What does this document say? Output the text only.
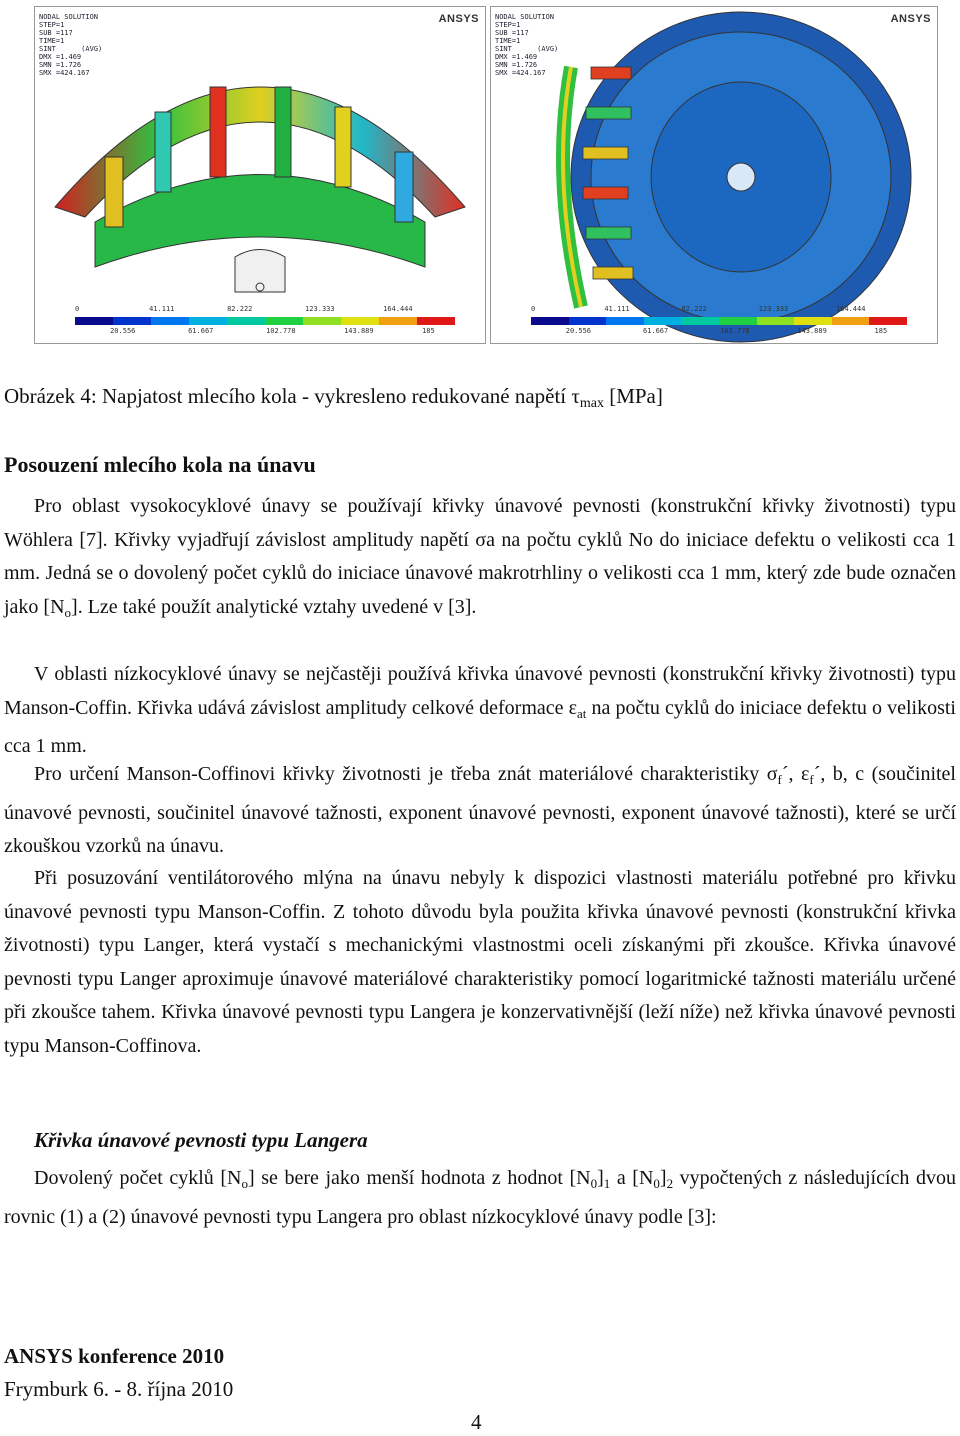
NODAL SOLUTION
STEP=1
SUB =117
TIME=1
SINT      (AVG)
DMX =1.469
SMN =1.726
SMX =424.167
ANSYS
0	41.111	82.222	123.333	164.444
20.556	61.667	102.778	143.889	185
NODAL SOLUTION
STEP=1
SUB =117
TIME=1
SINT      (AVG)
DMX =1.469
SMN =1.726
SMX =424.167
ANSYS
0	41.111	82.222	123.333	164.444
20.556	61.667	102.778	143.889	185
Obrázek 4: Napjatost mlecího kola - vykresleno redukované napětí $\tau_{max}$ [MPa]
Posouzení mlecího kola na únavu
Pro oblast vysokocyklové únavy se používají křivky únavové pevnosti (konstrukční křivky životnosti) typu Wöhlera [7]. Křivky vyjadřují závislost amplitudy napětí σa na počtu cyklů No do iniciace defektu o velikosti cca 1 mm. Jedná se o dovolený počet cyklů do iniciace únavové makrotrhliny o velikosti cca 1 mm, který zde bude označen jako $[N_o]$. Lze také použít analytické vztahy uvedené v [3].
V oblasti nízkocyklové únavy se nejčastěji používá křivka únavové pevnosti (konstrukční křivky životnosti) typu Manson-Coffin. Křivka udává závislost amplitudy celkové deformace $\varepsilon_{at}$ na počtu cyklů do iniciace defektu o velikosti cca 1 mm.
Pro určení Manson-Coffinovi křivky životnosti je třeba znát materiálové charakteristiky $\sigma_f´$, $\varepsilon_f´$, b, c (součinitel únavové pevnosti, součinitel únavové tažnosti, exponent únavové pevnosti, exponent únavové tažnosti), které se určí zkouškou vzorků na únavu.
Při posuzování ventilátorového mlýna na únavu nebyly k dispozici vlastnosti materiálu potřebné pro křivku únavové pevnosti typu Manson-Coffin. Z tohoto důvodu byla použita křivka únavové pevnosti (konstrukční křivka životnosti) typu Langer, která vystačí s mechanickými vlastnostmi oceli získanými při zkoušce. Křivka únavové pevnosti typu Langer aproximuje únavové materiálové charakteristiky pomocí logaritmické tažnosti materiálu určené při zkoušce tahem. Křivka únavové pevnosti typu Langera je konzervativnější (leží níže) než křivka únavové pevnosti typu Manson-Coffinova.
Křivka únavové pevnosti typu Langera
Dovolený počet cyklů $[N_o]$ se bere jako menší hodnota z hodnot $[N_0]_1$ a $[N_0]_2$ vypočtených z následujících dvou rovnic (1) a (2) únavové pevnosti typu Langera pro oblast nízkocyklové únavy podle [3]:
ANSYS konference 2010
Frymburk 6. - 8. října 2010
4
